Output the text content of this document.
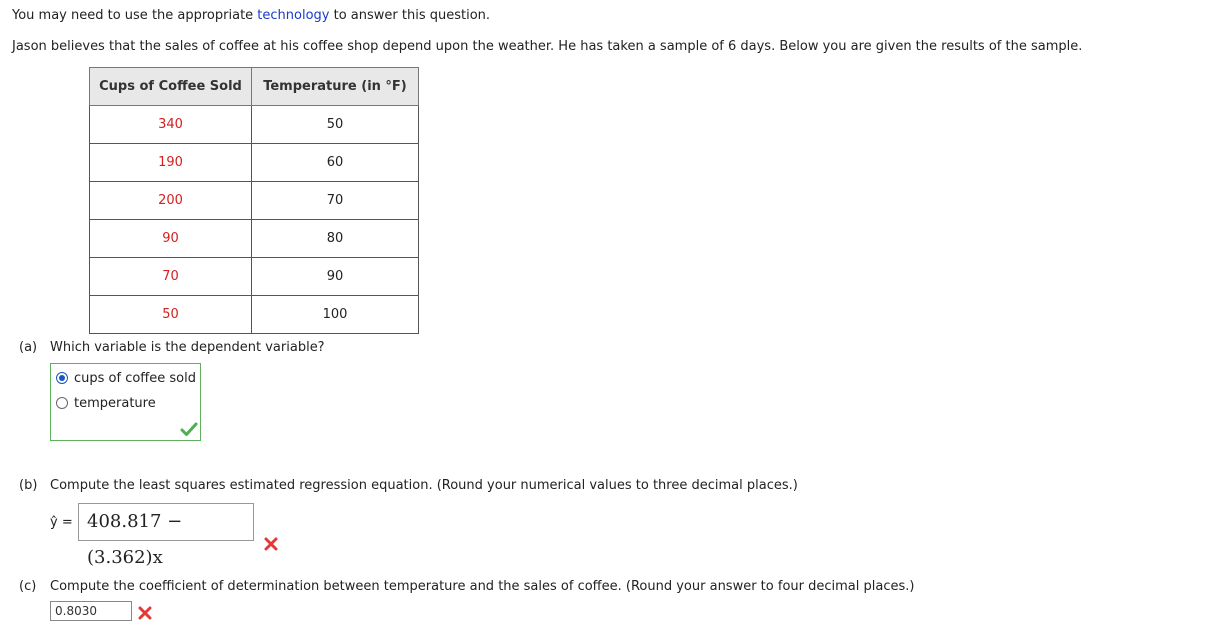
You may need to use the appropriate technology to answer this question.
Jason believes that the sales of coffee at his coffee shop depend upon the weather. He has taken a sample of 6 days. Below you are given the results of the sample.
Cups of Coffee Sold	Temperature (in °F)
340	50
190	60
200	70
90	80
70	90
50	100
(a) Which variable is the dependent variable?
cups of coffee sold
temperature
(b) Compute the least squares estimated regression equation. (Round your numerical values to three decimal places.)
ŷ = 408.817 − (3.362)x
(c) Compute the coefficient of determination between temperature and the sales of coffee. (Round your answer to four decimal places.)
0.8030
